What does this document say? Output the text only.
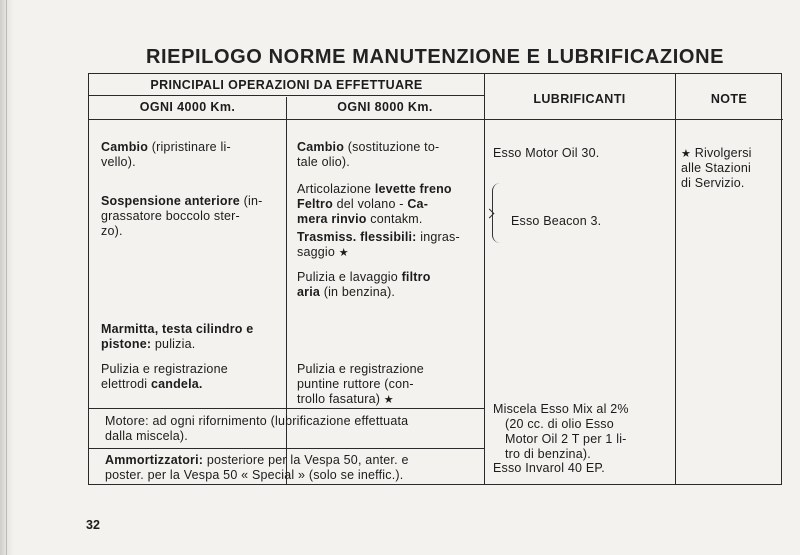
RIEPILOGO NORME MANUTENZIONE E LUBRIFICAZIONE
PRINCIPALI OPERAZIONI DA EFFETTUARE
OGNI 4000 Km.	OGNI 8000 Km.
LUBRIFICANTI	NOTE
Cambio (ripristinare li-
vello).
Sospensione anteriore (in-
grassatore boccolo ster-
zo).
Marmitta, testa cilindro e
pistone: pulizia.
Pulizia e registrazione
elettrodi candela.
Cambio (sostituzione to-
tale olio).
Articolazione levette freno
Feltro del volano - Ca-
mera rinvio contakm.
Trasmiss. flessibili: ingras-
saggio ★
Pulizia e lavaggio filtro
aria (in benzina).
Pulizia e registrazione
puntine ruttore (con-
trollo fasatura) ★
Motore: ad ogni rifornimento (lubrificazione effettuata
dalla miscela).
Ammortizzatori: posteriore per la Vespa 50, anter. e
poster. per la Vespa 50 « Special » (solo se ineffic.).
Esso Motor Oil 30.
Esso Beacon 3.
Miscela Esso Mix al 2%
(20 cc. di olio Esso
Motor Oil 2 T per 1 li-
tro di benzina).
Esso Invarol 40 EP.
★ Rivolgersi
alle Stazioni
di Servizio.
32
